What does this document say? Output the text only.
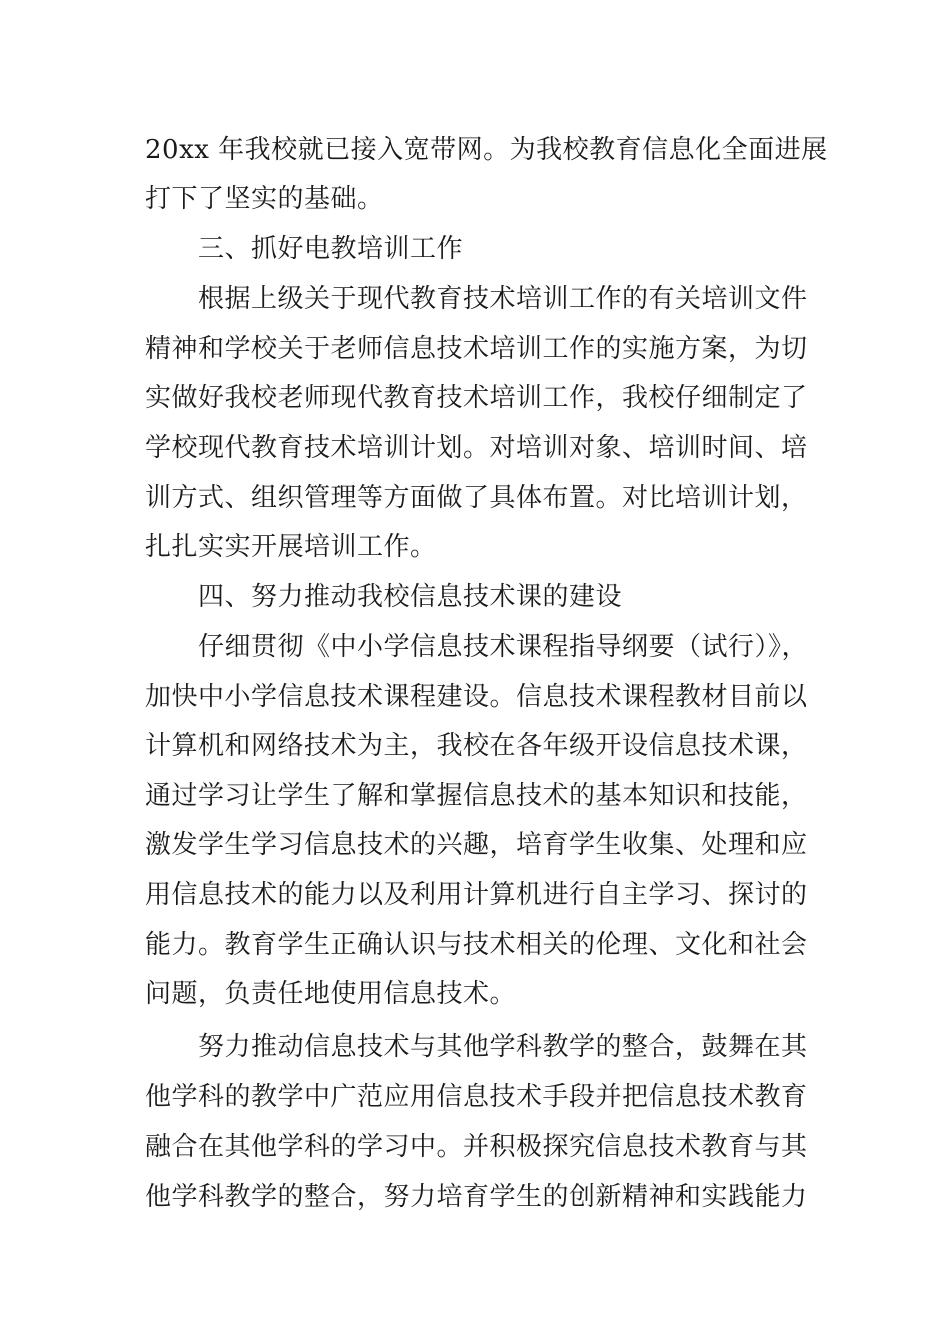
20xx 年我校就已接入宽带网。为我校教育信息化全面进展
打下了坚实的基础。
三、抓好电教培训工作
根据上级关于现代教育技术培训工作的有关培训文件
精神和学校关于老师信息技术培训工作的实施方案，为切
实做好我校老师现代教育技术培训工作，我校仔细制定了
学校现代教育技术培训计划。对培训对象、培训时间、培
训方式、组织管理等方面做了具体布置。对比培训计划，
扎扎实实开展培训工作。
四、努力推动我校信息技术课的建设
仔细贯彻《中小学信息技术课程指导纲要（试行）》，
加快中小学信息技术课程建设。信息技术课程教材目前以
计算机和网络技术为主，我校在各年级开设信息技术课，
通过学习让学生了解和掌握信息技术的基本知识和技能，
激发学生学习信息技术的兴趣，培育学生收集、处理和应
用信息技术的能力以及利用计算机进行自主学习、探讨的
能力。教育学生正确认识与技术相关的伦理、文化和社会
问题，负责任地使用信息技术。
努力推动信息技术与其他学科教学的整合，鼓舞在其
他学科的教学中广范应用信息技术手段并把信息技术教育
融合在其他学科的学习中。并积极探究信息技术教育与其
他学科教学的整合，努力培育学生的创新精神和实践能力
